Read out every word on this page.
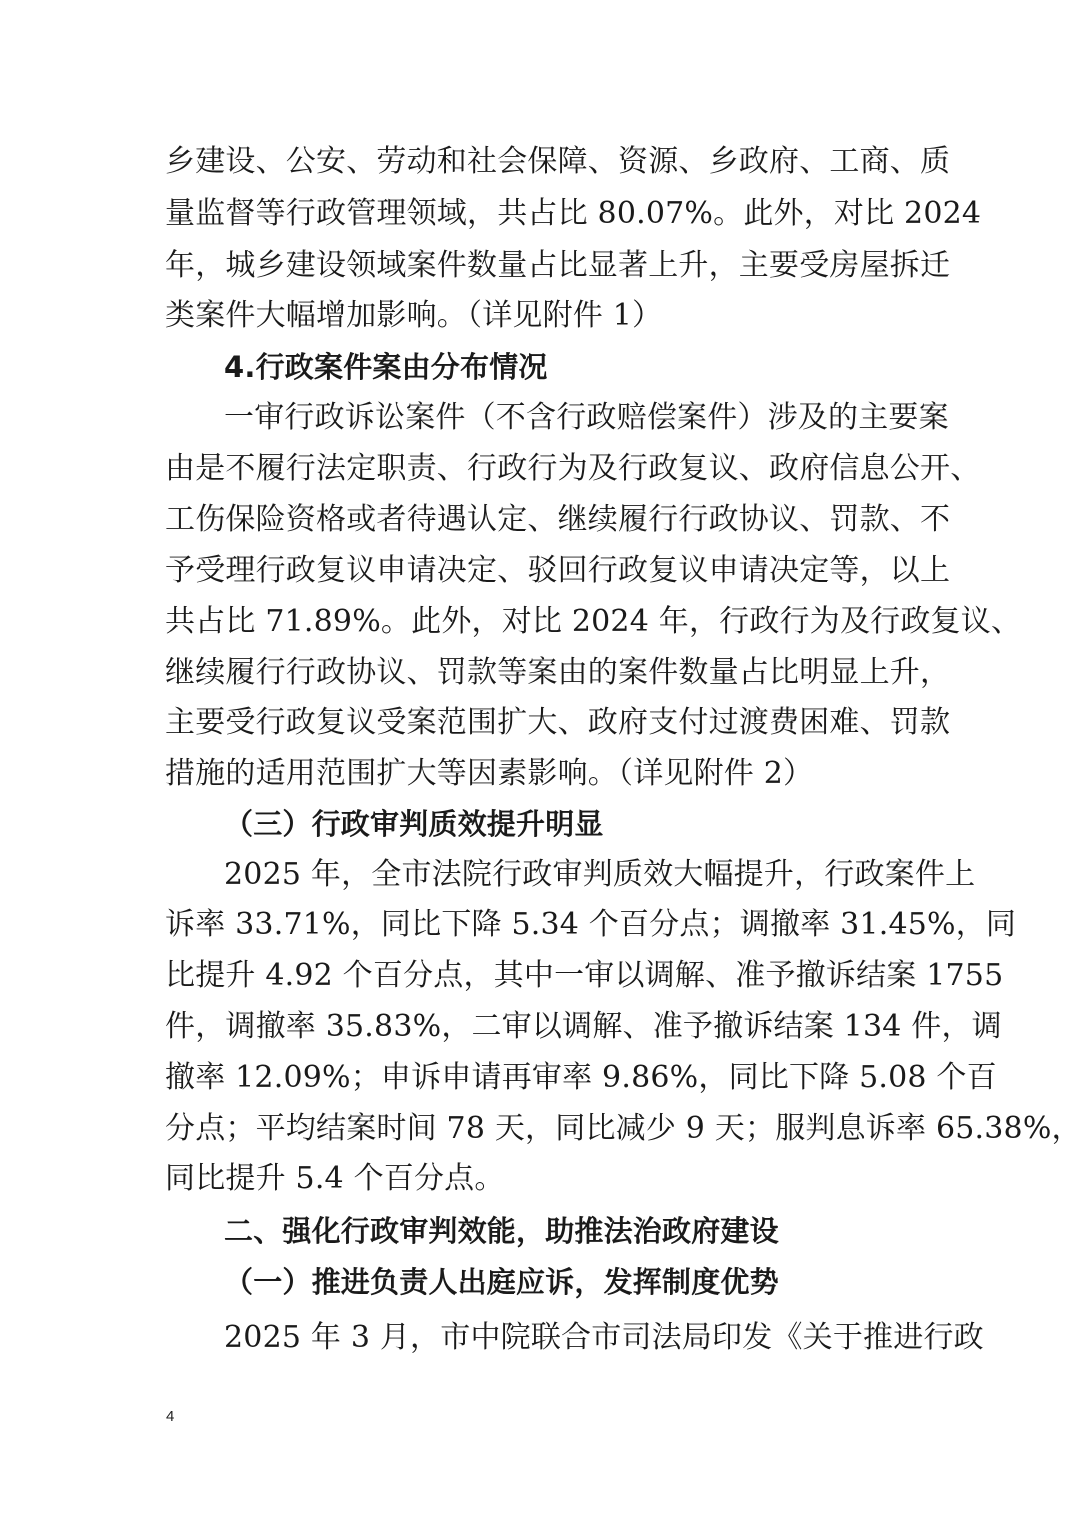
乡建设、公安、劳动和社会保障、资源、乡政府、工商、质
量监督等行政管理领域，共占比 80.07%。此外，对比 2024
年，城乡建设领域案件数量占比显著上升，主要受房屋拆迁
类案件大幅增加影响。（详见附件 1）
4.行政案件案由分布情况
一审行政诉讼案件（不含行政赔偿案件）涉及的主要案
由是不履行法定职责、行政行为及行政复议、政府信息公开、
工伤保险资格或者待遇认定、继续履行行政协议、罚款、不
予受理行政复议申请决定、驳回行政复议申请决定等，以上
共占比 71.89%。此外，对比 2024 年，行政行为及行政复议、
继续履行行政协议、罚款等案由的案件数量占比明显上升，
主要受行政复议受案范围扩大、政府支付过渡费困难、罚款
措施的适用范围扩大等因素影响。（详见附件 2）
（三）行政审判质效提升明显
2025 年，全市法院行政审判质效大幅提升，行政案件上
诉率 33.71%，同比下降 5.34 个百分点；调撤率 31.45%，同
比提升 4.92 个百分点，其中一审以调解、准予撤诉结案 1755
件，调撤率 35.83%，二审以调解、准予撤诉结案 134 件，调
撤率 12.09%；申诉申请再审率 9.86%，同比下降 5.08 个百
分点；平均结案时间 78 天，同比减少 9 天；服判息诉率 65.38%，
同比提升 5.4 个百分点。
二、强化行政审判效能，助推法治政府建设
（一）推进负责人出庭应诉，发挥制度优势
2025 年 3 月，市中院联合市司法局印发《关于推进行政
4
